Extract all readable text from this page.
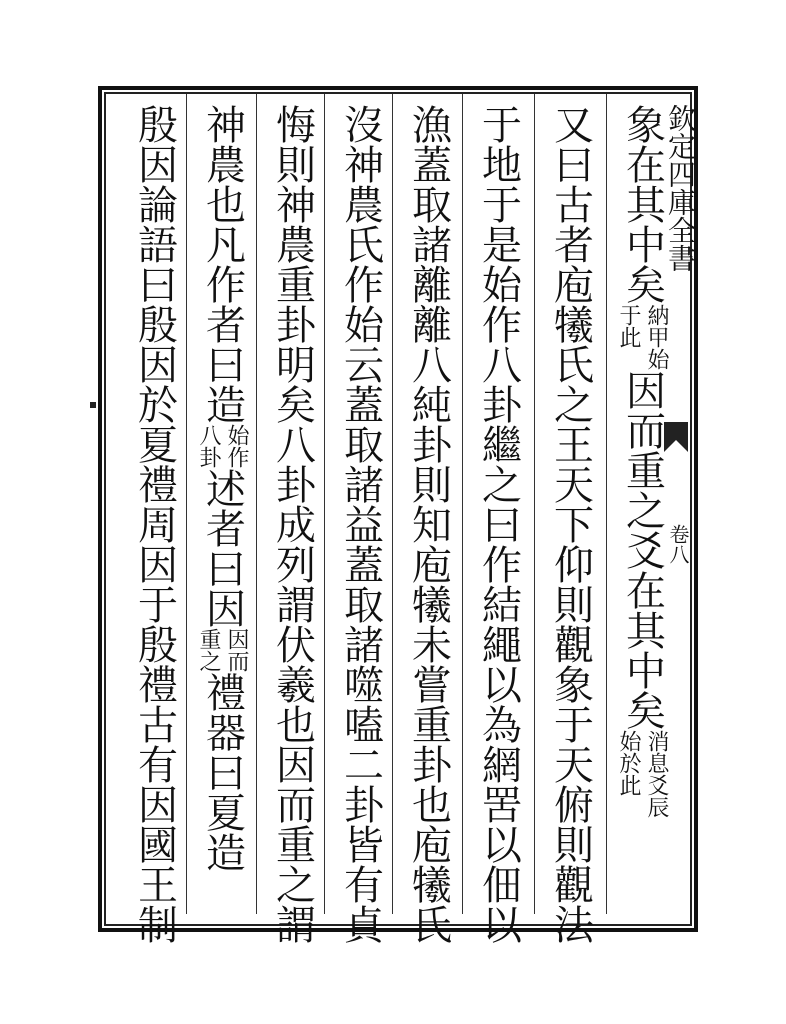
欽定四庫全書
卷八
象在其中矣
納甲始
于此
因而重之爻在其中矣
消息爻辰
始於此
又曰古者庖犧氏之王天下仰則觀象于天俯則觀法
于地于是始作八卦繼之曰作結繩以為網罟以佃以
漁蓋取諸離離八純卦則知庖犧未嘗重卦也庖犧氏
沒神農氏作始云蓋取諸益蓋取諸噬嗑二卦皆有貞
悔則神農重卦明矣八卦成列謂伏羲也因而重之謂
神農也凡作者曰造
始作
八卦
述者曰因
因而
重之
禮器曰夏造
殷因論語曰殷因於夏禮周因于殷禮古有因國王制
